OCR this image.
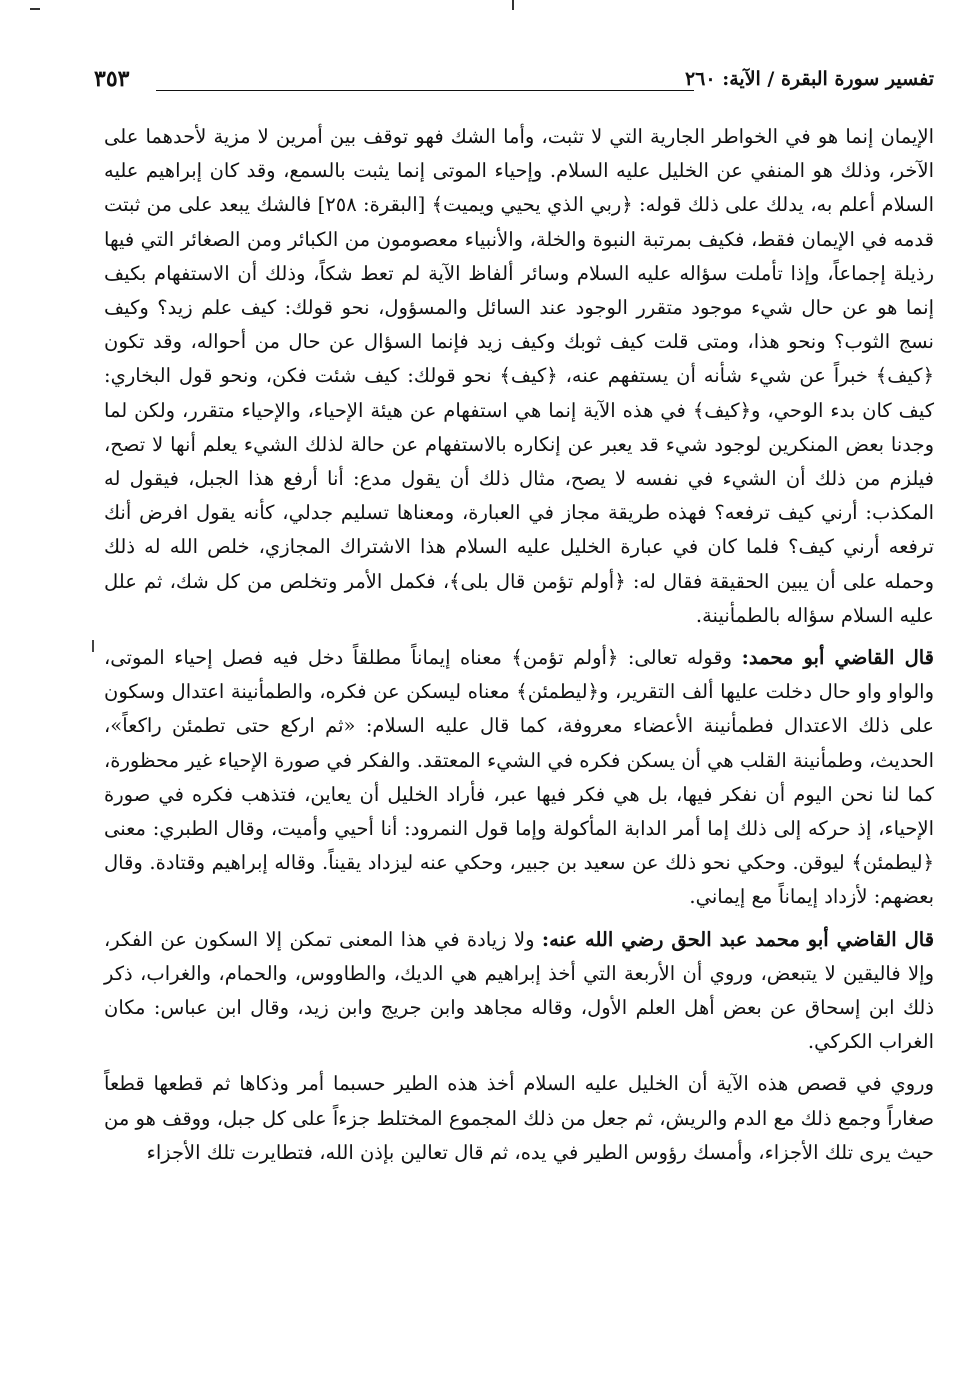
تفسير سورة البقرة / الآية: ٢٦٠
٣٥٣

الإيمان إنما هو في الخواطر الجارية التي لا تثبت، وأما الشك فهو توقف بين أمرين لا مزية لأحدهما على الآخر، وذلك هو المنفي عن الخليل عليه السلام. وإحياء الموتى إنما يثبت بالسمع، وقد كان إبراهيم عليه السلام أعلم به، يدلك على ذلك قوله: ﴿ربي الذي يحيي ويميت﴾ [البقرة: ٢٥٨] فالشك يبعد على من ثبتت قدمه في الإيمان فقط، فكيف بمرتبة النبوة والخلة، والأنبياء معصومون من الكبائر ومن الصغائر التي فيها رذيلة إجماعاً، وإذا تأملت سؤاله عليه السلام وسائر ألفاظ الآية لم تعط شكاً، وذلك أن الاستفهام بكيف إنما هو عن حال شيء موجود متقرر الوجود عند السائل والمسؤول، نحو قولك: كيف علم زيد؟ وكيف نسج الثوب؟ ونحو هذا، ومتى قلت كيف ثوبك وكيف زيد فإنما السؤال عن حال من أحواله، وقد تكون ﴿كيف﴾ خبراً عن شيء شأنه أن يستفهم عنه، ﴿كيف﴾ نحو قولك: كيف شئت فكن، ونحو قول البخاري: كيف كان بدء الوحي، و﴿كيف﴾ في هذه الآية إنما هي استفهام عن هيئة الإحياء، والإحياء متقرر، ولكن لما وجدنا بعض المنكرين لوجود شيء قد يعبر عن إنكاره بالاستفهام عن حالة لذلك الشيء يعلم أنها لا تصح، فيلزم من ذلك أن الشيء في نفسه لا يصح، مثال ذلك أن يقول مدع: أنا أرفع هذا الجبل، فيقول له المكذب: أرني كيف ترفعه؟ فهذه طريقة مجاز في العبارة، ومعناها تسليم جدلي، كأنه يقول افرض أنك ترفعه أرني كيف؟ فلما كان في عبارة الخليل عليه السلام هذا الاشتراك المجازي، خلص الله له ذلك وحمله على أن يبين الحقيقة فقال له: ﴿أولم تؤمن قال بلى﴾، فكمل الأمر وتخلص من كل شك، ثم علل عليه السلام سؤاله بالطمأنينة.

قال القاضي أبو محمد: وقوله تعالى: ﴿أولم تؤمن﴾ معناه إيماناً مطلقاً دخل فيه فصل إحياء الموتى، والواو واو حال دخلت عليها ألف التقرير، و﴿ليطمئن﴾ معناه ليسكن عن فكره، والطمأنينة اعتدال وسكون على ذلك الاعتدال فطمأنينة الأعضاء معروفة، كما قال عليه السلام: «ثم اركع حتى تطمئن راكعاً»، الحديث، وطمأنينة القلب هي أن يسكن فكره في الشيء المعتقد. والفكر في صورة الإحياء غير محظورة، كما لنا نحن اليوم أن نفكر فيها، بل هي فكر فيها عبر، فأراد الخليل أن يعاين، فتذهب فكره في صورة الإحياء، إذ حركه إلى ذلك إما أمر الدابة المأكولة وإما قول النمرود: أنا أحيي وأميت، وقال الطبري: معنى ﴿ليطمئن﴾ ليوقن. وحكي نحو ذلك عن سعيد بن جبير، وحكي عنه ليزداد يقيناً. وقاله إبراهيم وقتادة. وقال بعضهم: لأزداد إيماناً مع إيماني.

قال القاضي أبو محمد عبد الحق رضي الله عنه: ولا زيادة في هذا المعنى تمكن إلا السكون عن الفكر، وإلا فاليقين لا يتبعض، وروي أن الأربعة التي أخذ إبراهيم هي الديك، والطاووس، والحمام، والغراب، ذكر ذلك ابن إسحاق عن بعض أهل العلم الأول، وقاله مجاهد وابن جريج وابن زيد، وقال ابن عباس: مكان الغراب الكركي.

وروي في قصص هذه الآية أن الخليل عليه السلام أخذ هذه الطير حسبما أمر وذكاها ثم قطعها قطعاً صغاراً وجمع ذلك مع الدم والريش، ثم جعل من ذلك المجموع المختلط جزءاً على كل جبل، ووقف هو من حيث يرى تلك الأجزاء، وأمسك رؤوس الطير في يده، ثم قال تعالين بإذن الله، فتطايرت تلك الأجزاء
